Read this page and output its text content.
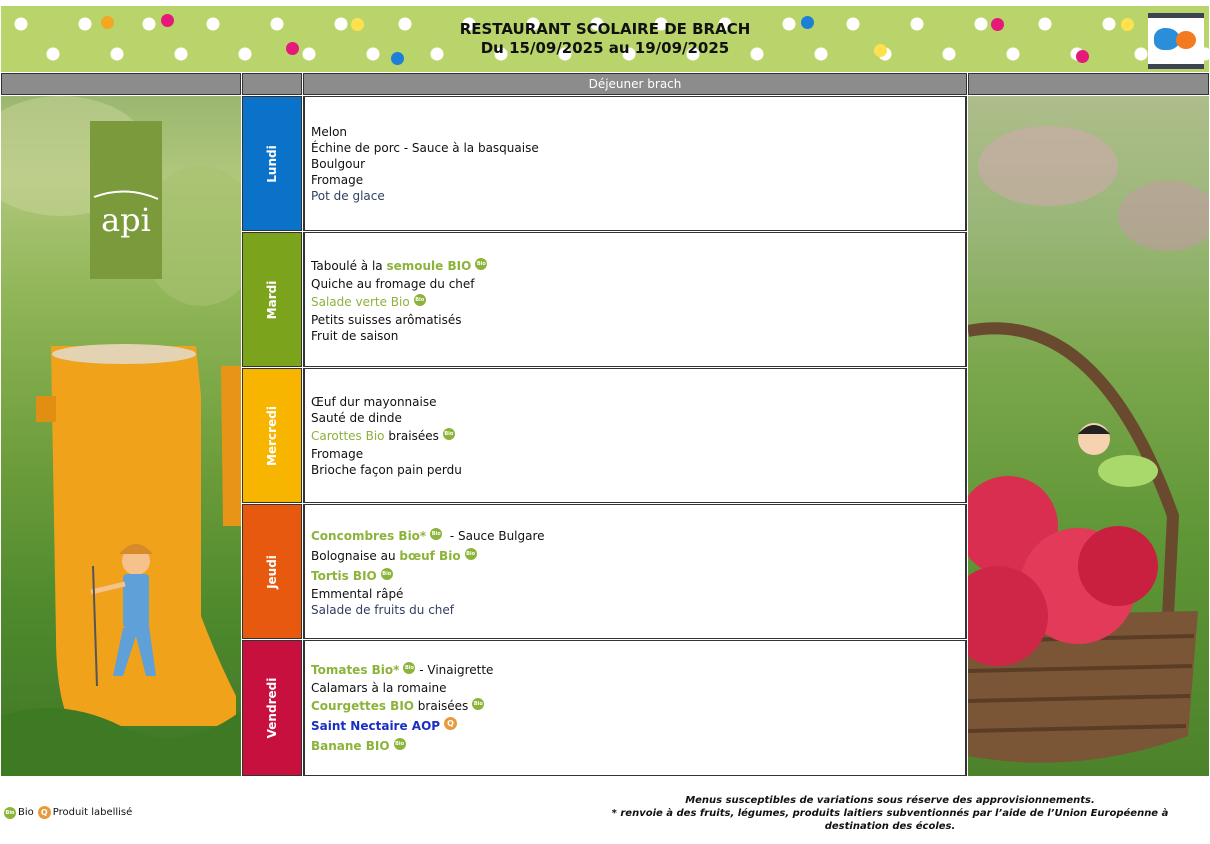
RESTAURANT SCOLAIRE DE BRACH
Du 15/09/2025 au 19/09/2025
Déjeuner brach
api
Lundi
Melon
Échine de porc - Sauce à la basquaise
Boulgour
Fromage
Pot de glace
Mardi
Taboulé à la semoule BIO Bio
Quiche au fromage du chef
Salade verte Bio Bio
Petits suisses arômatisés
Fruit de saison
Mercredi
Œuf dur mayonnaise
Sauté de dinde
Carottes Bio braisées Bio
Fromage
Brioche façon pain perdu
Jeudi
Concombres Bio* Bio  - Sauce Bulgare
Bolognaise au bœuf Bio Bio
Tortis BIO Bio
Emmental râpé
Salade de fruits du chef
Vendredi
Tomates Bio* Bio - Vinaigrette
Calamars à la romaine
Courgettes BIO braisées Bio
Saint Nectaire AOP Q
Banane BIO Bio
Bio Bio Q Produit labellisé
Menus susceptibles de variations sous réserve des approvisionnements.
* renvoie à des fruits, légumes, produits laitiers subventionnés par l’aide de l’Union Européenne à destination des écoles.
